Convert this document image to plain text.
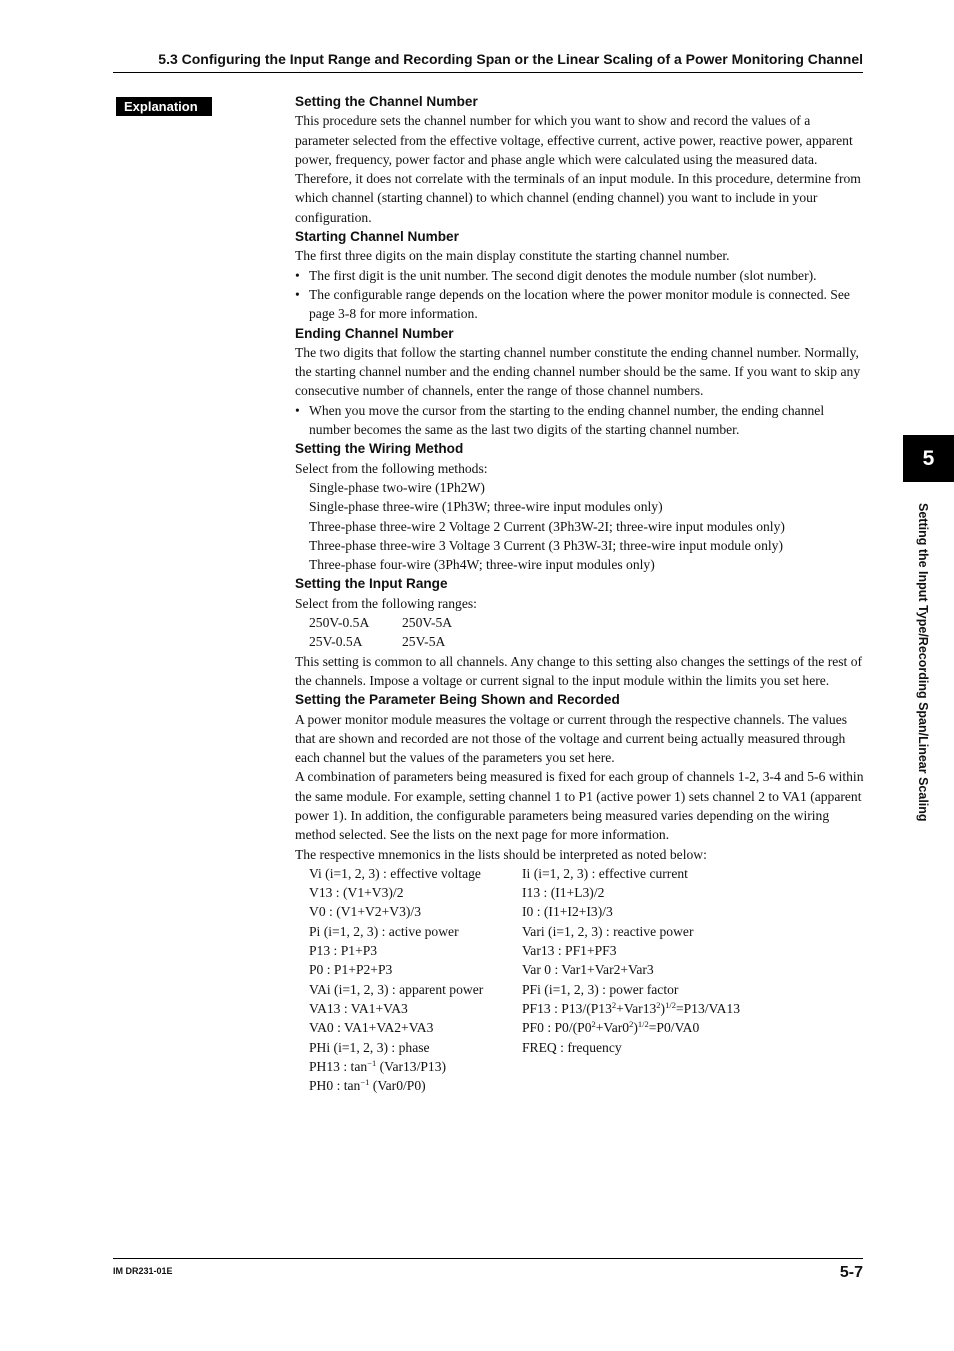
5.3 Configuring the Input Range and Recording Span or the Linear Scaling of a Power Monitoring Channel
Explanation	Setting the Channel Number

This procedure sets the channel number for which you want to show and record the values of a parameter selected from the effective voltage, effective current, active power, reactive power, apparent power, frequency, power factor and phase angle which were calculated using the measured data. Therefore, it does not correlate with the terminals of an input module. In this procedure, determine from which channel (starting channel) to which channel (ending channel) you want to include in your configuration.

Starting Channel Number

The first three digits on the main display constitute the starting channel number.

• The first digit is the unit number. The second digit denotes the module number (slot number).

• The configurable range depends on the location where the power monitor module is connected. See page 3-8 for more information.

Ending Channel Number

The two digits that follow the starting channel number constitute the ending channel number. Normally, the starting channel number and the ending channel number should be the same. If you want to skip any consecutive number of channels, enter the range of those channel numbers.

• When you move the cursor from the starting to the ending channel number, the ending channel number becomes the same as the last two digits of the starting channel number.

Setting the Wiring Method

Select from the following methods:

Single-phase two-wire (1Ph2W)

Single-phase three-wire (1Ph3W; three-wire input modules only)

Three-phase three-wire 2 Voltage 2 Current (3Ph3W-2I; three-wire input modules only)

Three-phase three-wire 3 Voltage 3 Current (3 Ph3W-3I; three-wire input module only)

Three-phase four-wire (3Ph4W; three-wire input modules only)

Setting the Input Range

Select from the following ranges:

250V-0.5A	250V-5A
25V-0.5A	25V-5A

This setting is common to all channels. Any change to this setting also changes the settings of the rest of the channels. Impose a voltage or current signal to the input module within the limits you set here.

Setting the Parameter Being Shown and Recorded

A power monitor module measures the voltage or current through the respective channels. The values that are shown and recorded are not those of the voltage and current being actually measured through each channel but the values of the parameters you set here.

A combination of parameters being measured is fixed for each group of channels 1-2, 3-4 and 5-6 within the same module. For example, setting channel 1 to P1 (active power 1) sets channel 2 to VA1 (apparent power 1). In addition, the configurable parameters being measured varies depending on the wiring method selected. See the lists on the next page for more information.

The respective mnemonics in the lists should be interpreted as noted below:

Vi (i=1, 2, 3) : effective voltage	Ii (i=1, 2, 3) : effective current
V13 : (V1+V3)/2	I13 : (I1+L3)/2
V0 : (V1+V2+V3)/3	I0 : (I1+I2+I3)/3
Pi (i=1, 2, 3) : active power	Vari (i=1, 2, 3) : reactive power
P13 : P1+P3	Var13 : PF1+PF3
P0 : P1+P2+P3	Var 0 : Var1+Var2+Var3
VAi (i=1, 2, 3) : apparent power	PFi (i=1, 2, 3) : power factor
VA13 : VA1+VA3	PF13 : $P13/(P13^2+Var13^2)^{1/2}=P13/VA13$
VA0 : VA1+VA2+VA3	PF0 : $P0/(P0^2+Var0^2)^{1/2}=P0/VA0$
PHi (i=1, 2, 3) : phase	FREQ : frequency
PH13 : $\tan^{-1} (Var13/P13)$
PH0 : $\tan^{-1} (Var0/P0)$
5
Setting the Input Type/Recording Span/Linear Scaling
IM DR231-01E	5-7
